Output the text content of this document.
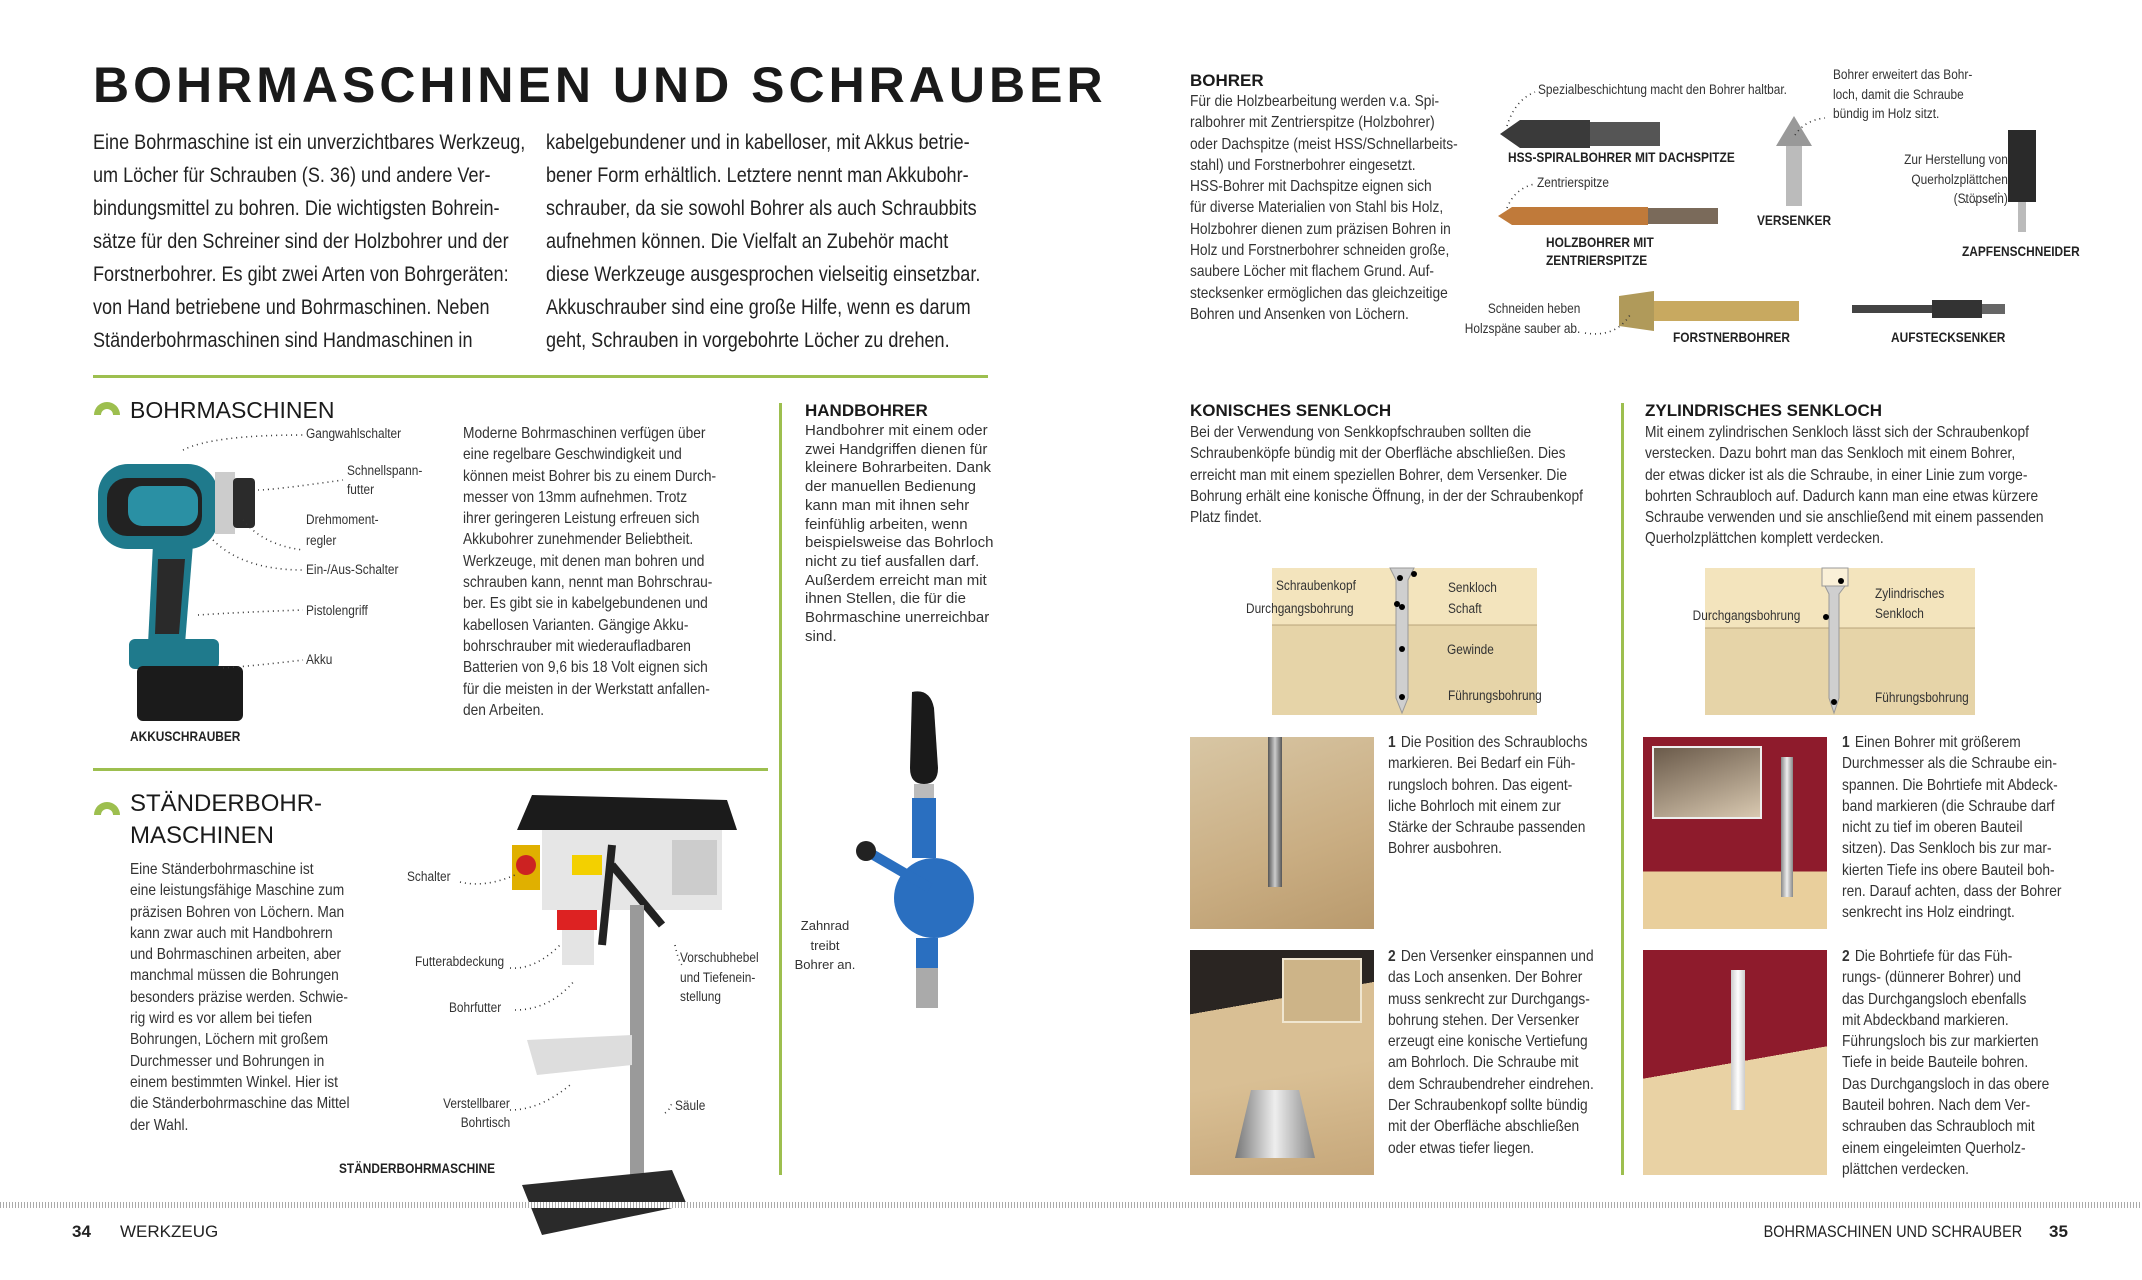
BOHRMASCHINEN UND SCHRAUBER
Eine Bohrmaschine ist ein unverzichtbares Werkzeug,
um Löcher für Schrauben (S. 36) und andere Ver-
bindungsmittel zu bohren. Die wichtigsten Bohrein-
sätze für den Schreiner sind der Holzbohrer und der
Forstnerbohrer. Es gibt zwei Arten von Bohrgeräten:
von Hand betriebene und Bohrmaschinen. Neben
Ständerbohrmaschinen sind Handmaschinen in
kabelgebundener und in kabelloser, mit Akkus betrie-
bener Form erhältlich. Letztere nennt man Akkubohr-
schrauber, da sie sowohl Bohrer als auch Schraubbits
aufnehmen können. Die Vielfalt an Zubehör macht
diese Werkzeuge ausgesprochen vielseitig einsetzbar.
Akkuschrauber sind eine große Hilfe, wenn es darum
geht, Schrauben in vorgebohrte Löcher zu drehen.
BOHRMASCHINEN
Gangwahlschalter
Schnellspann-
futter
Drehmoment-
regler
Ein-/Aus-Schalter
Pistolengriff
Akku
AKKUSCHRAUBER
Moderne Bohrmaschinen verfügen über
eine regelbare Geschwindigkeit und
können meist Bohrer bis zu einem Durch-
messer von 13mm aufnehmen. Trotz
ihrer geringeren Leistung erfreuen sich
Akkubohrer zunehmender Beliebtheit.
Werkzeuge, mit denen man bohren und
schrauben kann, nennt man Bohrschrau-
ber. Es gibt sie in kabelgebundenen und
kabellosen Varianten. Gängige Akku-
bohrschrauber mit wiederaufladbaren
Batterien von 9,6 bis 18 Volt eignen sich
für die meisten in der Werkstatt anfallen-
den Arbeiten.
HANDBOHRER
Handbohrer mit einem oder
zwei Handgriffen dienen für
kleinere Bohrarbeiten. Dank
der manuellen Bedienung
kann man mit ihnen sehr
feinfühlig arbeiten, wenn
beispielsweise das Bohrloch
nicht zu tief ausfallen darf.
Außerdem erreicht man mit
ihnen Stellen, die für die
Bohrmaschine unerreichbar
sind.
Zahnrad
treibt
Bohrer an.
STÄNDERBOHR-
MASCHINEN
Eine Ständerbohrmaschine ist
eine leistungsfähige Maschine zum
präzisen Bohren von Löchern. Man
kann zwar auch mit Handbohrern
und Bohrmaschinen arbeiten, aber
manchmal müssen die Bohrungen
besonders präzise werden. Schwie-
rig wird es vor allem bei tiefen
Bohrungen, Löchern mit großem
Durchmesser und Bohrungen in
einem bestimmten Winkel. Hier ist
die Ständerbohrmaschine das Mittel
der Wahl.
Schalter
Futterabdeckung
Bohrfutter
Vorschubhebel
und Tiefenein-
stellung
Verstellbarer
Bohrtisch
Säule
STÄNDERBOHRMASCHINE
BOHRER
Für die Holzbearbeitung werden v.a. Spi-
ralbohrer mit Zentrierspitze (Holzbohrer)
oder Dachspitze (meist HSS/Schnellarbeits-
stahl) und Forstnerbohrer eingesetzt.
HSS-Bohrer mit Dachspitze eignen sich
für diverse Materialien von Stahl bis Holz,
Holzbohrer dienen zum präzisen Bohren in
Holz und Forstnerbohrer schneiden große,
saubere Löcher mit flachem Grund. Auf-
stecksenker ermöglichen das gleichzeitige
Bohren und Ansenken von Löchern.
Spezialbeschichtung macht den Bohrer haltbar.
HSS-SPIRALBOHRER MIT DACHSPITZE
Zentrierspitze
HOLZBOHRER MIT
ZENTRIERSPITZE
VERSENKER
Bohrer erweitert das Bohr-
loch, damit die Schraube
bündig im Holz sitzt.
Zur Herstellung von
Querholzplättchen
(Stöpseln)
ZAPFENSCHNEIDER
Schneiden heben
Holzspäne sauber ab.
FORSTNERBOHRER	AUFSTECKSENKER
KONISCHES SENKLOCH
Bei der Verwendung von Senkkopfschrauben sollten die
Schraubenköpfe bündig mit der Oberfläche abschließen. Dies
erreicht man mit einem speziellen Bohrer, dem Versenker. Die
Bohrung erhält eine konische Öffnung, in der der Schraubenkopf
Platz findet.
Schraubenkopf	Senkloch
Durchgangsbohrung	Schaft
Gewinde
Führungsbohrung
1 Die Position des Schraublochs
markieren. Bei Bedarf ein Füh-
rungsloch bohren. Das eigent-
liche Bohrloch mit einem zur
Stärke der Schraube passenden
Bohrer ausbohren.
2 Den Versenker einspannen und
das Loch ansenken. Der Bohrer
muss senkrecht zur Durchgangs-
bohrung stehen. Der Versenker
erzeugt eine konische Vertiefung
am Bohrloch. Die Schraube mit
dem Schraubendreher eindrehen.
Der Schraubenkopf sollte bündig
mit der Oberfläche abschließen
oder etwas tiefer liegen.
ZYLINDRISCHES SENKLOCH
Mit einem zylindrischen Senkloch lässt sich der Schraubenkopf
verstecken. Dazu bohrt man das Senkloch mit einem Bohrer,
der etwas dicker ist als die Schraube, in einer Linie zum vorge-
bohrten Schraubloch auf. Dadurch kann man eine etwas kürzere
Schraube verwenden und sie anschließend mit einem passenden
Querholzplättchen komplett verdecken.
Zylindrisches
Senkloch
Durchgangsbohrung
Führungsbohrung
1 Einen Bohrer mit größerem
Durchmesser als die Schraube ein-
spannen. Die Bohrtiefe mit Abdeck-
band markieren (die Schraube darf
nicht zu tief im oberen Bauteil
sitzen). Das Senkloch bis zur mar-
kierten Tiefe ins obere Bauteil boh-
ren. Darauf achten, dass der Bohrer
senkrecht ins Holz eindringt.
2 Die Bohrtiefe für das Füh-
rungs- (dünnerer Bohrer) und
das Durchgangsloch ebenfalls
mit Abdeckband markieren.
Führungsloch bis zur markierten
Tiefe in beide Bauteile bohren.
Das Durchgangsloch in das obere
Bauteil bohren. Nach dem Ver-
schrauben das Schraubloch mit
einem eingeleimten Querholz-
plättchen verdecken.
34 WERKZEUG	BOHRMASCHINEN UND SCHRAUBER 35
